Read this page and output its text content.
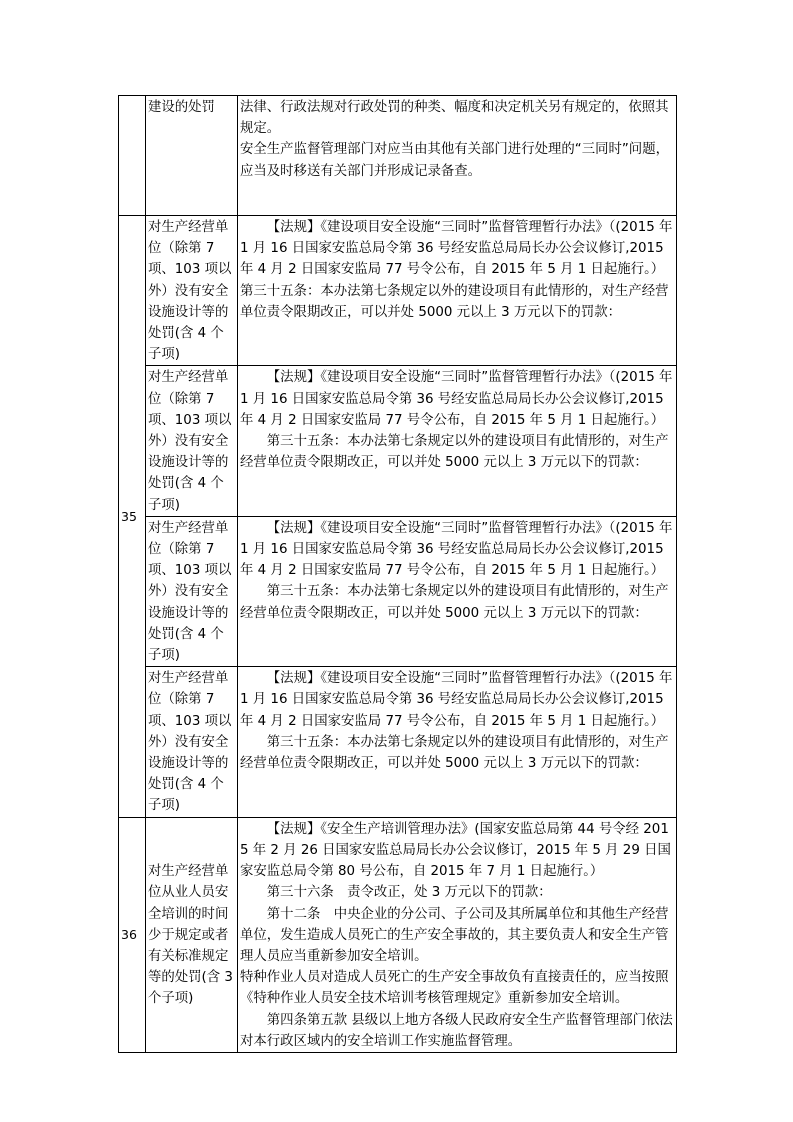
	建设的处罚	法律、行政法规对行政处罚的种类、幅度和决定机关另有规定的，依照其规定。

安全生产监督管理部门对应当由其他有关部门进行处理的“三同时”问题，应当及时移送有关部门并形成记录备查。

35	对生产经营单位（除第 7 项、103 项以外）没有安全设施设计等的处罚(含 4 个子项)	【法规】《建设项目安全设施“三同时”监督管理暂行办法》（(2015 年 1 月 16 日国家安监总局令第 36 号经安监总局局长办公会议修订,2015 年 4 月 2 日国家安监局 77 号令公布，自 2015 年 5 月 1 日起施行。）

第三十五条：本办法第七条规定以外的建设项目有此情形的，对生产经营单位责令限期改正，可以并处 5000 元以上 3 万元以下的罚款：

	对生产经营单位（除第 7 项、103 项以外）没有安全设施设计等的处罚(含 4 个子项)	【法规】《建设项目安全设施“三同时”监督管理暂行办法》（(2015 年 1 月 16 日国家安监总局令第 36 号经安监总局局长办公会议修订,2015 年 4 月 2 日国家安监局 77 号令公布，自 2015 年 5 月 1 日起施行。）

第三十五条：本办法第七条规定以外的建设项目有此情形的，对生产经营单位责令限期改正，可以并处 5000 元以上 3 万元以下的罚款：

	对生产经营单位（除第 7 项、103 项以外）没有安全设施设计等的处罚(含 4 个子项)	【法规】《建设项目安全设施“三同时”监督管理暂行办法》（(2015 年 1 月 16 日国家安监总局令第 36 号经安监总局局长办公会议修订,2015 年 4 月 2 日国家安监局 77 号令公布，自 2015 年 5 月 1 日起施行。）

第三十五条：本办法第七条规定以外的建设项目有此情形的，对生产经营单位责令限期改正，可以并处 5000 元以上 3 万元以下的罚款：

	对生产经营单位（除第 7 项、103 项以外）没有安全设施设计等的处罚(含 4 个子项)	【法规】《建设项目安全设施“三同时”监督管理暂行办法》（(2015 年 1 月 16 日国家安监总局令第 36 号经安监总局局长办公会议修订,2015 年 4 月 2 日国家安监局 77 号令公布，自 2015 年 5 月 1 日起施行。）

第三十五条：本办法第七条规定以外的建设项目有此情形的，对生产经营单位责令限期改正，可以并处 5000 元以上 3 万元以下的罚款：

36	对生产经营单位从业人员安全培训的时间少于规定或者有关标准规定等的处罚(含 3 个子项)	【法规】《安全生产培训管理办法》(国家安监总局第 44 号令经 2015 年 2 月 26 日国家安监总局局长办公会议修订，2015 年 5 月 29 日国家安监总局令第 80 号公布，自 2015 年 7 月 1 日起施行。）

第三十六条　责令改正，处 3 万元以下的罚款：

第十二条　中央企业的分公司、子公司及其所属单位和其他生产经营单位，发生造成人员死亡的生产安全事故的，其主要负责人和安全生产管理人员应当重新参加安全培训。

特种作业人员对造成人员死亡的生产安全事故负有直接责任的，应当按照《特种作业人员安全技术培训考核管理规定》重新参加安全培训。

第四条第五款 县级以上地方各级人民政府安全生产监督管理部门依法对本行政区域内的安全培训工作实施监督管理。
